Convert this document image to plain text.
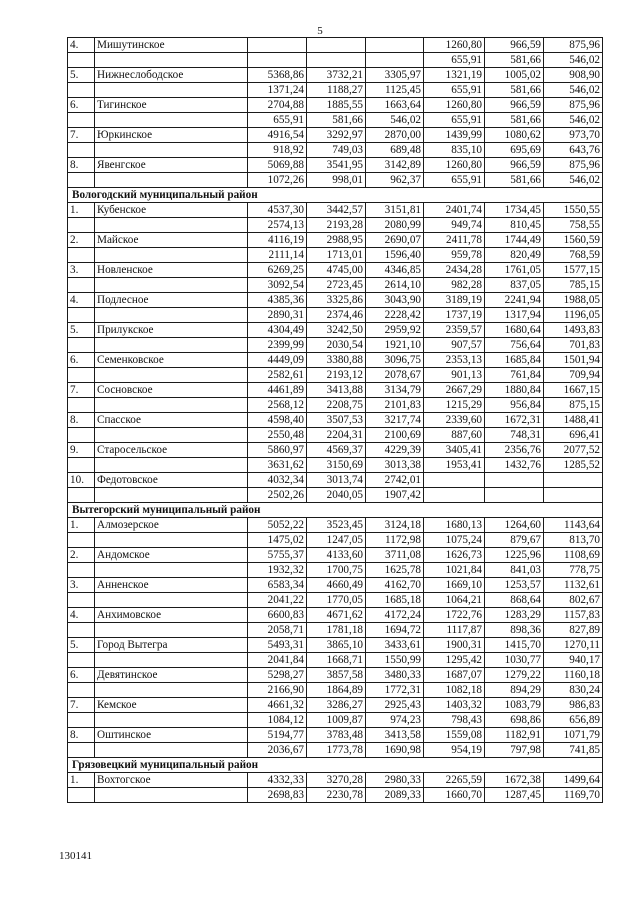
5
4.	Мишутинское				1260,80	966,59	875,96
					655,91	581,66	546,02
5.	Нижнеслободское	5368,86	3732,21	3305,97	1321,19	1005,02	908,90
		1371,24	1188,27	1125,45	655,91	581,66	546,02
6.	Тигинское	2704,88	1885,55	1663,64	1260,80	966,59	875,96
		655,91	581,66	546,02	655,91	581,66	546,02
7.	Юркинское	4916,54	3292,97	2870,00	1439,99	1080,62	973,70
		918,92	749,03	689,48	835,10	695,69	643,76
8.	Явенгское	5069,88	3541,95	3142,89	1260,80	966,59	875,96
		1072,26	998,01	962,37	655,91	581,66	546,02
Вологодский муниципальный район							
1.	Кубенское	4537,30	3442,57	3151,81	2401,74	1734,45	1550,55
		2574,13	2193,28	2080,99	949,74	810,45	758,55
2.	Майское	4116,19	2988,95	2690,07	2411,78	1744,49	1560,59
		2111,14	1713,01	1596,40	959,78	820,49	768,59
3.	Новленское	6269,25	4745,00	4346,85	2434,28	1761,05	1577,15
		3092,54	2723,45	2614,10	982,28	837,05	785,15
4.	Подлесное	4385,36	3325,86	3043,90	3189,19	2241,94	1988,05
		2890,31	2374,46	2228,42	1737,19	1317,94	1196,05
5.	Прилукское	4304,49	3242,50	2959,92	2359,57	1680,64	1493,83
		2399,99	2030,54	1921,10	907,57	756,64	701,83
6.	Семенковское	4449,09	3380,88	3096,75	2353,13	1685,84	1501,94
		2582,61	2193,12	2078,67	901,13	761,84	709,94
7.	Сосновское	4461,89	3413,88	3134,79	2667,29	1880,84	1667,15
		2568,12	2208,75	2101,83	1215,29	956,84	875,15
8.	Спасское	4598,40	3507,53	3217,74	2339,60	1672,31	1488,41
		2550,48	2204,31	2100,69	887,60	748,31	696,41
9.	Старосельское	5860,97	4569,37	4229,39	3405,41	2356,76	2077,52
		3631,62	3150,69	3013,38	1953,41	1432,76	1285,52
10.	Федотовское	4032,34	3013,74	2742,01			
		2502,26	2040,05	1907,42			
Вытегорский муниципальный район							
1.	Алмозерское	5052,22	3523,45	3124,18	1680,13	1264,60	1143,64
		1475,02	1247,05	1172,98	1075,24	879,67	813,70
2.	Андомское	5755,37	4133,60	3711,08	1626,73	1225,96	1108,69
		1932,32	1700,75	1625,78	1021,84	841,03	778,75
3.	Анненское	6583,34	4660,49	4162,70	1669,10	1253,57	1132,61
		2041,22	1770,05	1685,18	1064,21	868,64	802,67
4.	Анхимовское	6600,83	4671,62	4172,24	1722,76	1283,29	1157,83
		2058,71	1781,18	1694,72	1117,87	898,36	827,89
5.	Город Вытегра	5493,31	3865,10	3433,61	1900,31	1415,70	1270,11
		2041,84	1668,71	1550,99	1295,42	1030,77	940,17
6.	Девятинское	5298,27	3857,58	3480,33	1687,07	1279,22	1160,18
		2166,90	1864,89	1772,31	1082,18	894,29	830,24
7.	Кемское	4661,32	3286,27	2925,43	1403,32	1083,79	986,83
		1084,12	1009,87	974,23	798,43	698,86	656,89
8.	Оштинское	5194,77	3783,48	3413,58	1559,08	1182,91	1071,79
		2036,67	1773,78	1690,98	954,19	797,98	741,85
Грязовецкий муниципальный район							
1.	Вохтогское	4332,33	3270,28	2980,33	2265,59	1672,38	1499,64
		2698,83	2230,78	2089,33	1660,70	1287,45	1169,70
130141
